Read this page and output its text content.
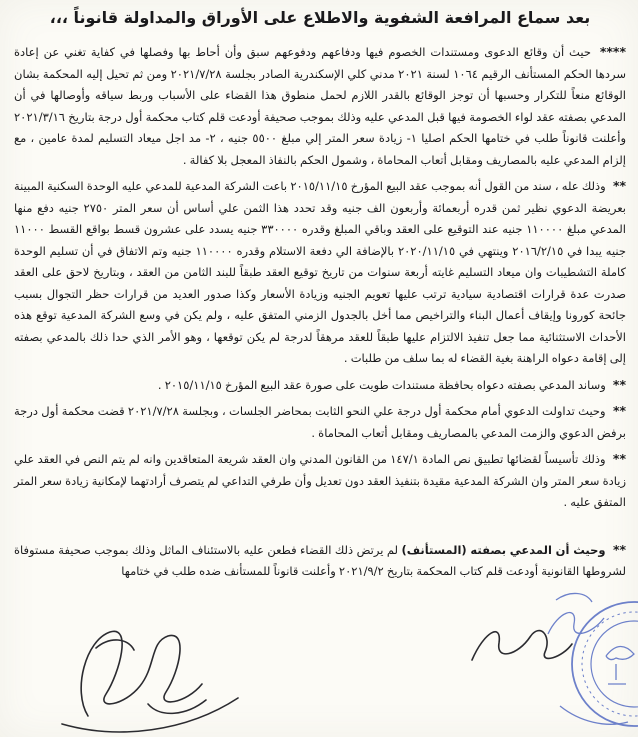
بعد سماع المرافعة الشفوية والاطلاع على الأوراق والمداولة قانوناً ،،،

**** حيث أن وقائع الدعوى ومستندات الخصوم فيها ودفاعهم ودفوعهم سبق وأن أحاط بها وفصلها في كفاية تغني عن إعادة سردها الحكم المستأنف الرقيم ١٠٦٤ لسنة ٢٠٢١ مدني كلي الإسكندرية الصادر بجلسة ٢٠٢١/٧/٢٨ ومن ثم تحيل إليه المحكمة بشان الوقائع منعاً للتكرار وحسبها أن توجز الوقائع بالقدر اللازم لحمل منطوق هذا القضاء على الأسباب وربط سياقه وأوصالها في أن المدعي بصفته عقد لواء الخصومة فيها قبل المدعي عليه وذلك بموجب صحيفة أودعت قلم كتاب محكمة أول درجة بتاريخ ٢٠٢١/٣/١٦ وأعلنت قانوناً طلب في ختامها الحكم اصليا ١- زيادة سعر المتر إلي مبلغ ٥٥٠٠ جنيه ، ٢- مد اجل ميعاد التسليم لمدة عامين ، مع إلزام المدعي عليه بالمصاريف ومقابل أتعاب المحاماة ، وشمول الحكم بالنفاذ المعجل بلا كفالة .

** وذلك عله ، سند من القول أنه بموجب عقد البيع المؤرخ ٢٠١٥/١١/١٥ باعت الشركة المدعية للمدعي عليه الوحدة السكنية المبينة بعريضة الدعوي نظير ثمن قدره أربعمائة وأربعون الف جنيه وقد تحدد هذا الثمن علي أساس أن سعر المتر ٢٧٥٠ جنيه دفع منها المدعي مبلغ ١١٠٠٠٠ جنيه عند التوقيع على العقد وباقي المبلغ وقدره ٣٣٠٠٠٠ جنيه يسدد على عشرون قسط بواقع القسط ١١٠٠٠ جنيه يبدا في ٢٠١٦/٢/١٥ وينتهي في ٢٠٢٠/١١/١٥ بالإضافة الي دفعة الاستلام وقدره ١١٠٠٠٠ جنيه وتم الاتفاق في أن تسليم الوحدة كاملة التشطيبات وان ميعاد التسليم غايته أربعة سنوات من تاريخ توقيع العقد طبقاً للبند الثامن من العقد ، وبتاريخ لاحق على العقد صدرت عدة قرارات اقتصادية سيادية ترتب عليها تعويم الجنيه وزيادة الأسعار وكذا صدور العديد من قرارات حظر التجوال بسبب جائحة كورونا وإيقاف أعمال البناء والتراخيص مما أخل بالجدول الزمني المتفق عليه ، ولم يكن في وسع الشركة المدعية توقع هذه الأحداث الاستثنائية مما جعل تنفيذ الالتزام عليها طبقاً للعقد مرهقاً لدرجة لم يكن توقعها ، وهو الأمر الذي حدا ذلك بالمدعي بصفته إلى إقامة دعواه الراهنة بغية القضاء له بما سلف من طلبات .

** وساند المدعي بصفته دعواه بحافظة مستندات طويت على صورة عقد البيع المؤرخ ٢٠١٥/١١/١٥ .

** وحيث تداولت الدعوي أمام محكمة أول درجة علي النحو الثابت بمحاضر الجلسات ، وبجلسة ٢٠٢١/٧/٢٨ قضت محكمة أول درجة برفض الدعوي والزمت المدعي بالمصاريف ومقابل أتعاب المحاماة .

** وذلك تأسيساً لقضائها تطبيق نص المادة ١٤٧/١ من القانون المدني وان العقد شريعة المتعاقدين وانه لم يتم النص في العقد علي زيادة سعر المتر وان الشركة المدعية مقيدة بتنفيذ العقد دون تعديل وأن طرفي التداعي لم يتصرف أرادتهما لإمكانية زيادة سعر المتر المتفق عليه .

** وحيث أن المدعي بصفته (المستأنف) لم يرتض ذلك القضاء فطعن عليه بالاستئناف الماثل وذلك بموجب صحيفة مستوفاة لشروطها القانونية أودعت قلم كتاب المحكمة بتاريخ ٢٠٢١/٩/٢ وأعلنت قانوناً للمستأنف ضده طلب في ختامها
